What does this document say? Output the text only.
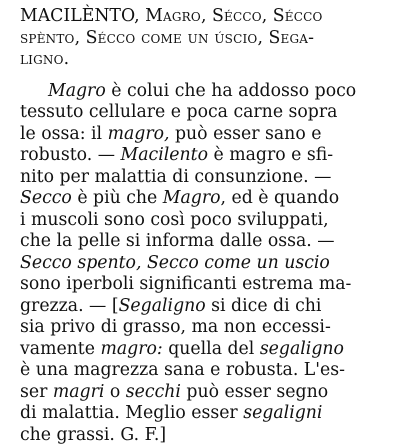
MACILÈNTO, Magro, Sécco, Sécco
spènto, Sécco come un úscio, Sega-
ligno.
Magro è colui che ha addosso poco
tessuto cellulare e poca carne sopra
le ossa: il magro, può esser sano e
robusto. — Macilento è magro e sfi-
nito per malattia di consunzione. —
Secco è più che Magro, ed è quando
i muscoli sono così poco sviluppati,
che la pelle si informa dalle ossa. —
Secco spento, Secco come un uscio
sono iperboli significanti estrema ma-
grezza. — [Segaligno si dice di chi
sia privo di grasso, ma non eccessi-
vamente magro: quella del segaligno
è una magrezza sana e robusta. L'es-
ser magri o secchi può esser segno
di malattia. Meglio esser segaligni
che grassi. G. F.]
